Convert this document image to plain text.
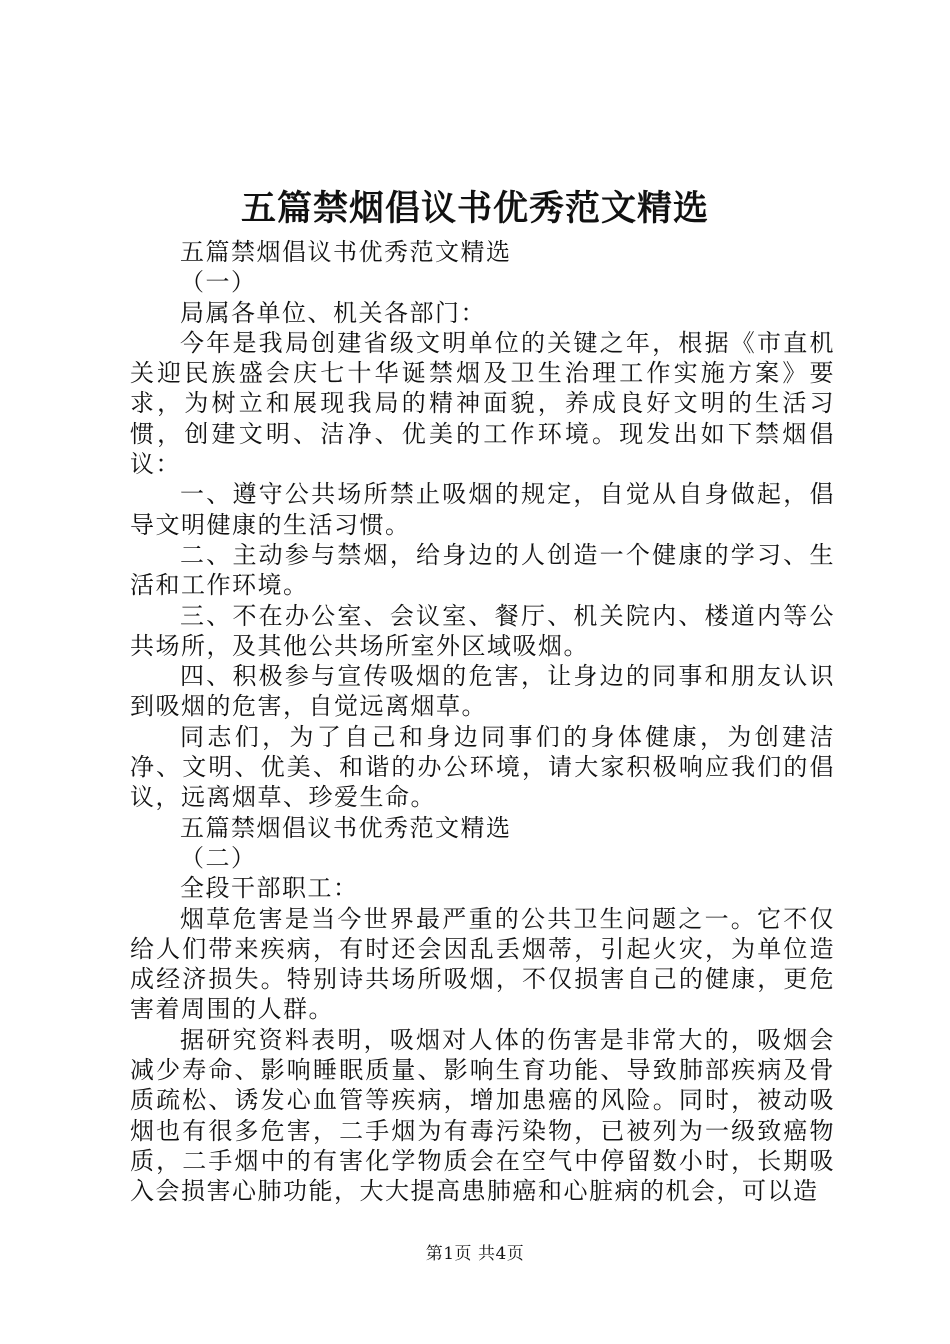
五篇禁烟倡议书优秀范文精选

五篇禁烟倡议书优秀范文精选

（一）

局属各单位、机关各部门：

今年是我局创建省级文明单位的关键之年，根据《市直机关迎民族盛会庆七十华诞禁烟及卫生治理工作实施方案》要求，为树立和展现我局的精神面貌，养成良好文明的生活习惯，创建文明、洁净、优美的工作环境。现发出如下禁烟倡议：

一、遵守公共场所禁止吸烟的规定，自觉从自身做起，倡导文明健康的生活习惯。

二、主动参与禁烟，给身边的人创造一个健康的学习、生活和工作环境。

三、不在办公室、会议室、餐厅、机关院内、楼道内等公共场所，及其他公共场所室外区域吸烟。

四、积极参与宣传吸烟的危害，让身边的同事和朋友认识到吸烟的危害，自觉远离烟草。

同志们，为了自己和身边同事们的身体健康，为创建洁净、文明、优美、和谐的办公环境，请大家积极响应我们的倡议，远离烟草、珍爱生命。

五篇禁烟倡议书优秀范文精选

（二）

全段干部职工：

烟草危害是当今世界最严重的公共卫生问题之一。它不仅给人们带来疾病，有时还会因乱丢烟蒂，引起火灾，为单位造成经济损失。特别诗共场所吸烟，不仅损害自己的健康，更危害着周围的人群。

据研究资料表明，吸烟对人体的伤害是非常大的，吸烟会减少寿命、影响睡眠质量、影响生育功能、导致肺部疾病及骨质疏松、诱发心血管等疾病，增加患癌的风险。同时，被动吸烟也有很多危害，二手烟为有毒污染物，已被列为一级致癌物质，二手烟中的有害化学物质会在空气中停留数小时，长期吸入会损害心肺功能，大大提高患肺癌和心脏病的机会，可以造

第1页 共4页
